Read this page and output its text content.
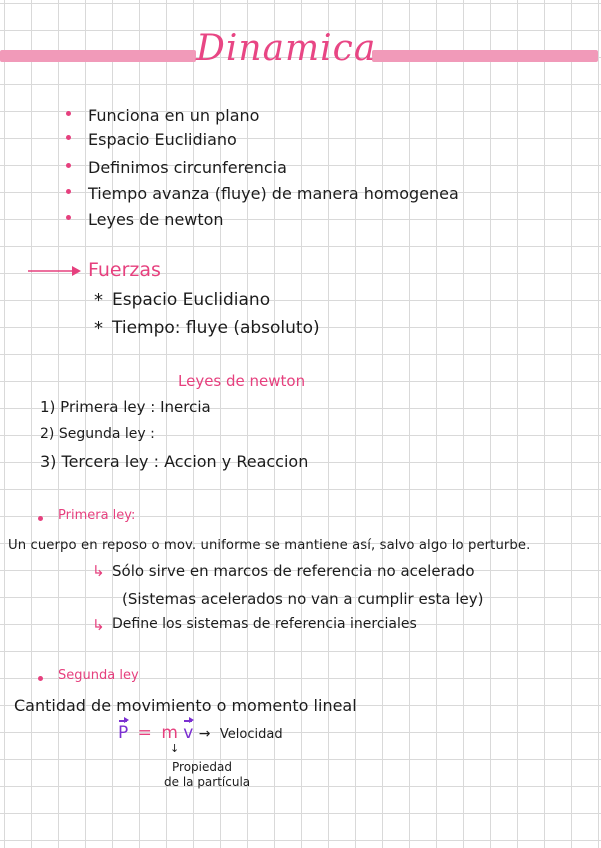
Dinamica
Funciona en un plano
Espacio Euclidiano
Definimos circunferencia
Tiempo avanza (fluye) de manera homogenea
Leyes de newton
Fuerzas
* Espacio Euclidiano
* Tiempo: fluye (absoluto)
Leyes de newton
1) Primera ley : Inercia
2) Segunda ley :
3) Tercera ley : Accion y Reaccion
Primera ley:
Un cuerpo en reposo o mov. uniforme se mantiene así, salvo algo lo perturbe.
↳ Sólo sirve en marcos de referencia no acelerado
(Sistemas acelerados no van a cumplir esta ley)
↳ Define los sistemas de referencia inerciales
Segunda ley
Cantidad de movimiento o momento lineal
P = m v → Velocidad
↓
Propiedad
de la partícula
